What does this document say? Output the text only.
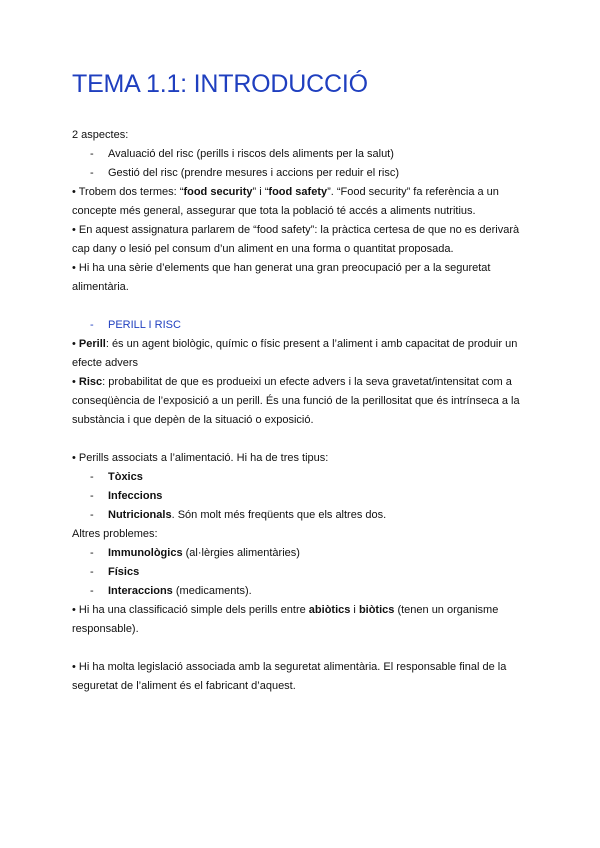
TEMA 1.1: INTRODUCCIÓ

2 aspectes:

-	Avaluació del risc (perills i riscos dels aliments per la salut)
-	Gestió del risc (prendre mesures i accions per reduir el risc)

• Trobem dos termes: “food security” i “food safety”. “Food security” fa referència a un concepte més general, assegurar que tota la població té accés a aliments nutritius.

• En aquest assignatura parlarem de “food safety”: la pràctica certesa de que no es derivarà cap dany o lesió pel consum d’un aliment en una forma o quantitat proposada.

• Hi ha una sèrie d’elements que han generat una gran preocupació per a la seguretat alimentària.

-	PERILL I RISC

• Perill: és un agent biològic, químic o físic present a l’aliment i amb capacitat de produir un efecte advers

• Risc: probabilitat de que es produeixi un efecte advers i la seva gravetat/intensitat com a conseqüència de l’exposició a un perill. És una funció de la perillositat que és intrínseca a la substància i que depèn de la situació o exposició.

• Perills associats a l’alimentació. Hi ha de tres tipus:

-	Tòxics
-	Infeccions
-	Nutricionals. Són molt més freqüents que els altres dos.

Altres problemes:

-	Immunològics (al·lèrgies alimentàries)
-	Físics
-	Interaccions (medicaments).

• Hi ha una classificació simple dels perills entre abiòtics i biòtics (tenen un organisme responsable).

• Hi ha molta legislació associada amb la seguretat alimentària. El responsable final de la seguretat de l’aliment és el fabricant d’aquest.
